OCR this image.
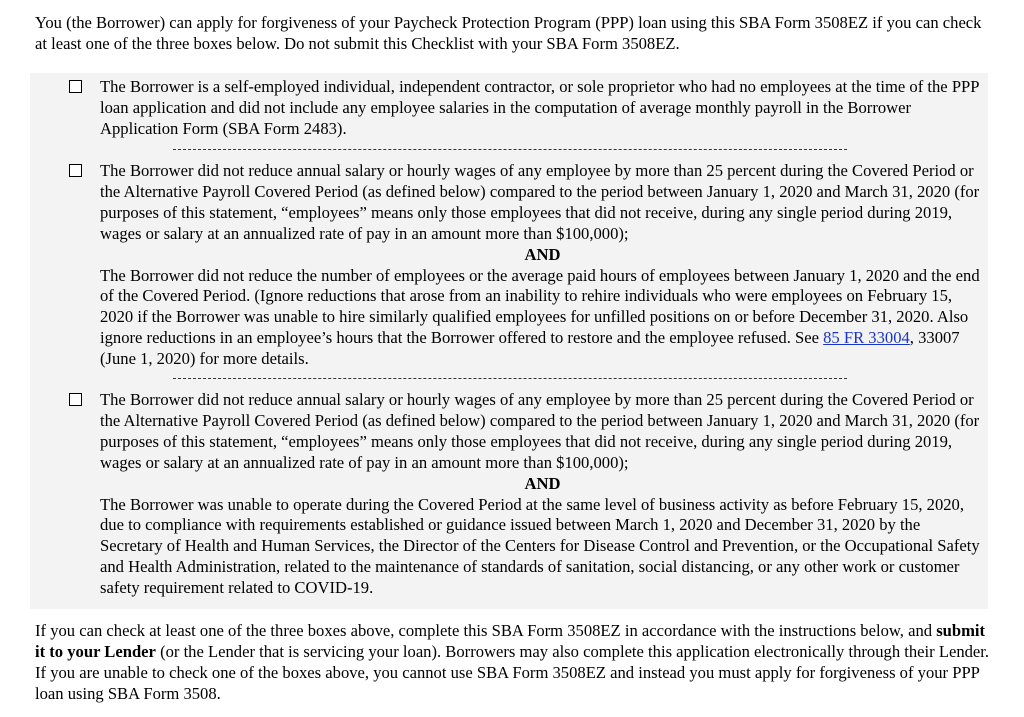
You (the Borrower) can apply for forgiveness of your Paycheck Protection Program (PPP) loan using this SBA Form 3508EZ if you can check at least one of the three boxes below. Do not submit this Checklist with your SBA Form 3508EZ.

The Borrower is a self-employed individual, independent contractor, or sole proprietor who had no employees at the time of the PPP loan application and did not include any employee salaries in the computation of average monthly payroll in the Borrower Application Form (SBA Form 2483).

The Borrower did not reduce annual salary or hourly wages of any employee by more than 25 percent during the Covered Period or the Alternative Payroll Covered Period (as defined below) compared to the period between January 1, 2020 and March 31, 2020 (for purposes of this statement, “employees” means only those employees that did not receive, during any single period during 2019, wages or salary at an annualized rate of pay in an amount more than $100,000);

AND

The Borrower did not reduce the number of employees or the average paid hours of employees between January 1, 2020 and the end of the Covered Period. (Ignore reductions that arose from an inability to rehire individuals who were employees on February 15, 2020 if the Borrower was unable to hire similarly qualified employees for unfilled positions on or before December 31, 2020. Also ignore reductions in an employee’s hours that the Borrower offered to restore and the employee refused. See 85 FR 33004, 33007 (June 1, 2020) for more details.

The Borrower did not reduce annual salary or hourly wages of any employee by more than 25 percent during the Covered Period or the Alternative Payroll Covered Period (as defined below) compared to the period between January 1, 2020 and March 31, 2020 (for purposes of this statement, “employees” means only those employees that did not receive, during any single period during 2019, wages or salary at an annualized rate of pay in an amount more than $100,000);

AND

The Borrower was unable to operate during the Covered Period at the same level of business activity as before February 15, 2020, due to compliance with requirements established or guidance issued between March 1, 2020 and December 31, 2020 by the Secretary of Health and Human Services, the Director of the Centers for Disease Control and Prevention, or the Occupational Safety and Health Administration, related to the maintenance of standards of sanitation, social distancing, or any other work or customer safety requirement related to COVID-19.

If you can check at least one of the three boxes above, complete this SBA Form 3508EZ in accordance with the instructions below, and submit it to your Lender (or the Lender that is servicing your loan). Borrowers may also complete this application electronically through their Lender. If you are unable to check one of the boxes above, you cannot use SBA Form 3508EZ and instead you must apply for forgiveness of your PPP loan using SBA Form 3508.
